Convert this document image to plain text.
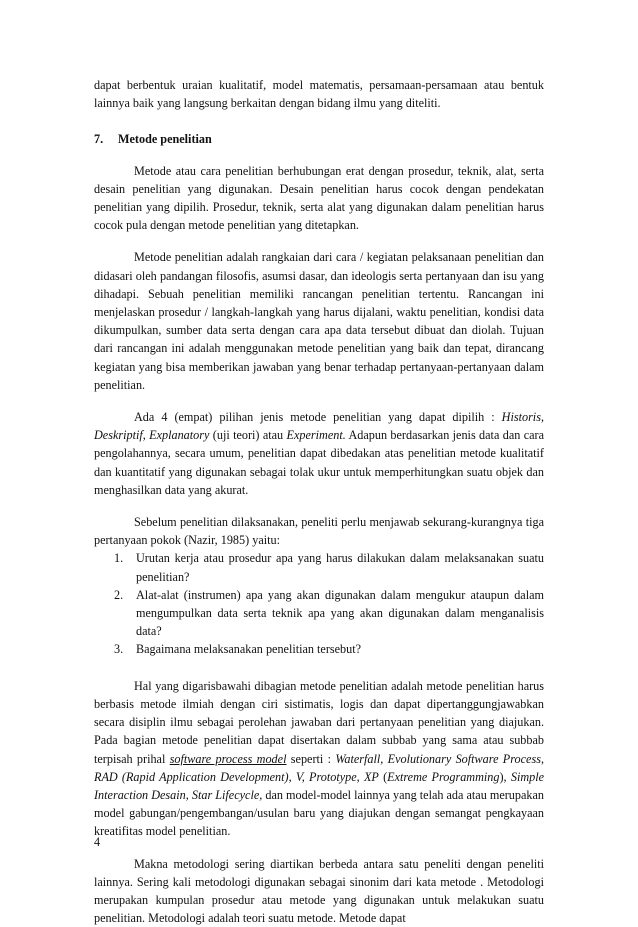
dapat berbentuk uraian kualitatif, model matematis, persamaan-persamaan atau bentuk lainnya baik yang langsung berkaitan dengan bidang ilmu yang diteliti.

7. Metode penelitian

Metode atau cara penelitian berhubungan erat dengan prosedur, teknik, alat, serta desain penelitian yang digunakan. Desain penelitian harus cocok dengan pendekatan penelitian yang dipilih. Prosedur, teknik, serta alat yang digunakan dalam penelitian harus cocok pula dengan metode penelitian yang ditetapkan.

Metode penelitian adalah rangkaian dari cara / kegiatan pelaksanaan penelitian dan didasari oleh pandangan filosofis, asumsi dasar, dan ideologis serta pertanyaan dan isu yang dihadapi. Sebuah penelitian memiliki rancangan penelitian tertentu. Rancangan ini menjelaskan prosedur / langkah-langkah yang harus dijalani, waktu penelitian, kondisi data dikumpulkan, sumber data serta dengan cara apa data tersebut dibuat dan diolah. Tujuan dari rancangan ini adalah menggunakan metode penelitian yang baik dan tepat, dirancang kegiatan yang bisa memberikan jawaban yang benar terhadap pertanyaan-pertanyaan dalam penelitian.

Ada 4 (empat) pilihan jenis metode penelitian yang dapat dipilih : Historis, Deskriptif, Explanatory (uji teori) atau Experiment. Adapun berdasarkan jenis data dan cara pengolahannya, secara umum, penelitian dapat dibedakan atas penelitian metode kualitatif dan kuantitatif yang digunakan sebagai tolak ukur untuk memperhitungkan suatu objek dan menghasilkan data yang akurat.

Sebelum penelitian dilaksanakan, peneliti perlu menjawab sekurang-kurangnya tiga pertanyaan pokok (Nazir, 1985) yaitu:

1. Urutan kerja atau prosedur apa yang harus dilakukan dalam melaksanakan suatu penelitian?
2. Alat-alat (instrumen) apa yang akan digunakan dalam mengukur ataupun dalam mengumpulkan data serta teknik apa yang akan digunakan dalam menganalisis data?
3. Bagaimana melaksanakan penelitian tersebut?

Hal yang digarisbawahi dibagian metode penelitian adalah metode penelitian harus berbasis metode ilmiah dengan ciri sistimatis, logis dan dapat dipertanggungjawabkan secara disiplin ilmu sebagai perolehan jawaban dari pertanyaan penelitian yang diajukan. Pada bagian metode penelitian dapat disertakan dalam subbab yang sama atau subbab terpisah prihal software process model seperti : Waterfall, Evolutionary Software Process, RAD (Rapid Application Development), V, Prototype, XP (Extreme Programming), Simple Interaction Desain, Star Lifecycle, dan model-model lainnya yang telah ada atau merupakan model gabungan/pengembangan/usulan baru yang diajukan dengan semangat pengkayaan kreatifitas model penelitian.

Makna metodologi sering diartikan berbeda antara satu peneliti dengan peneliti lainnya. Sering kali metodologi digunakan sebagai sinonim dari kata metode . Metodologi merupakan kumpulan prosedur atau metode yang digunakan untuk melakukan suatu penelitian. Metodologi adalah teori suatu metode. Metode dapat

4
